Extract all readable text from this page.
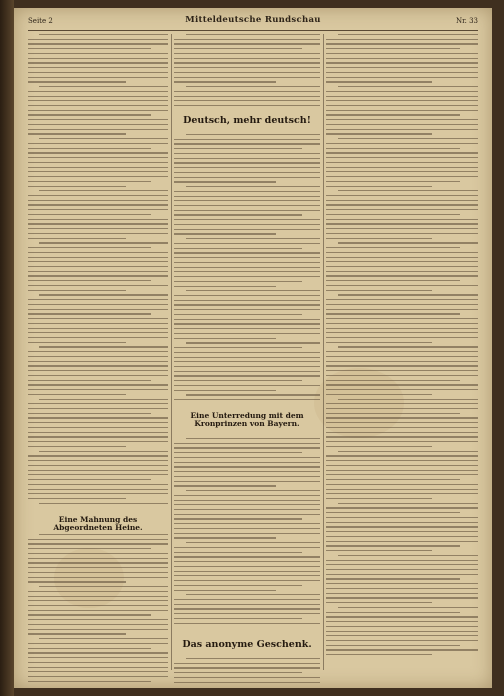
Seite 2	Mitteldeutsche Rundschau	Nr. 33
Eine Mahnung des Abgeordneten Heine.
Deutsch, mehr deutsch!
Eine Unterredung mit dem Kronprinzen von Bayern.
Das anonyme Geschenk.
